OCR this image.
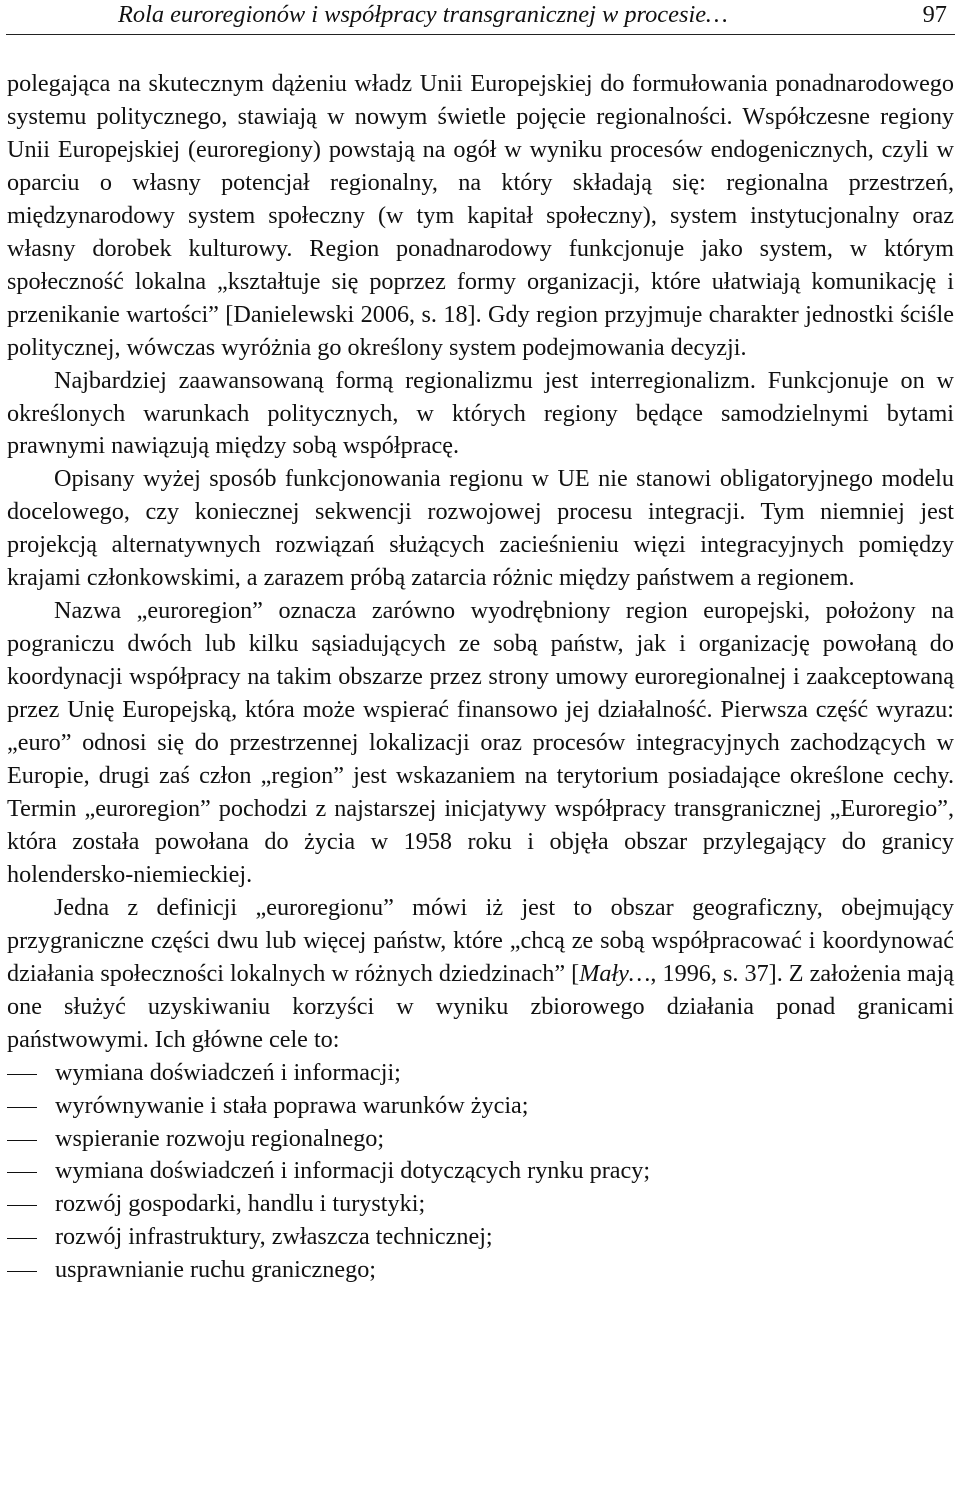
Rola euroregionów i współpracy transgranicznej w procesie…	97

polegająca na skutecznym dążeniu władz Unii Europejskiej do formułowania ponadnarodowego systemu politycznego, stawiają w nowym świetle pojęcie regionalności. Współczesne regiony Unii Europejskiej (euroregiony) powstają na ogół w wyniku procesów endogenicznych, czyli w oparciu o własny potencjał regionalny, na który składają się: regionalna przestrzeń, międzynarodowy system społeczny (w tym kapitał społeczny), system instytucjonalny oraz własny dorobek kulturowy. Region ponadnarodowy funkcjonuje jako system, w którym społeczność lokalna „kształtuje się poprzez formy organizacji, które ułatwiają komunikację i przenikanie wartości” [Danielewski 2006, s. 18]. Gdy region przyjmuje charakter jednostki ściśle politycznej, wówczas wyróżnia go określony system podejmowania decyzji.

Najbardziej zaawansowaną formą regionalizmu jest interregionalizm. Funkcjonuje on w określonych warunkach politycznych, w których regiony będące samodzielnymi bytami prawnymi nawiązują między sobą współpracę.

Opisany wyżej sposób funkcjonowania regionu w UE nie stanowi obligatoryjnego modelu docelowego, czy koniecznej sekwencji rozwojowej procesu integracji. Tym niemniej jest projekcją alternatywnych rozwiązań służących zacieśnieniu więzi integracyjnych pomiędzy krajami członkowskimi, a zarazem próbą zatarcia różnic między państwem a regionem.

Nazwa „euroregion” oznacza zarówno wyodrębniony region europejski, położony na pograniczu dwóch lub kilku sąsiadujących ze sobą państw, jak i organizację powołaną do koordynacji współpracy na takim obszarze przez strony umowy euroregionalnej i zaakceptowaną przez Unię Europejską, która może wspierać finansowo jej działalność. Pierwsza część wyrazu: „euro” odnosi się do przestrzennej lokalizacji oraz procesów integracyjnych zachodzących w Europie, drugi zaś człon „region” jest wskazaniem na terytorium posiadające określone cechy. Termin „euroregion” pochodzi z najstarszej inicjatywy współpracy transgranicznej „Euroregio”, która została powołana do życia w 1958 roku i objęła obszar przylegający do granicy holendersko-niemieckiej.

Jedna z definicji „euroregionu” mówi iż jest to obszar geograficzny, obejmujący przygraniczne części dwu lub więcej państw, które „chcą ze sobą współpracować i koordynować działania społeczności lokalnych w różnych dziedzinach” [Mały…, 1996, s. 37]. Z założenia mają one służyć uzyskiwaniu korzyści w wyniku zbiorowego działania ponad granicami państwowymi. Ich główne cele to:

wymiana doświadczeń i informacji;
wyrównywanie i stała poprawa warunków życia;
wspieranie rozwoju regionalnego;
wymiana doświadczeń i informacji dotyczących rynku pracy;
rozwój gospodarki, handlu i turystyki;
rozwój infrastruktury, zwłaszcza technicznej;
usprawnianie ruchu granicznego;
